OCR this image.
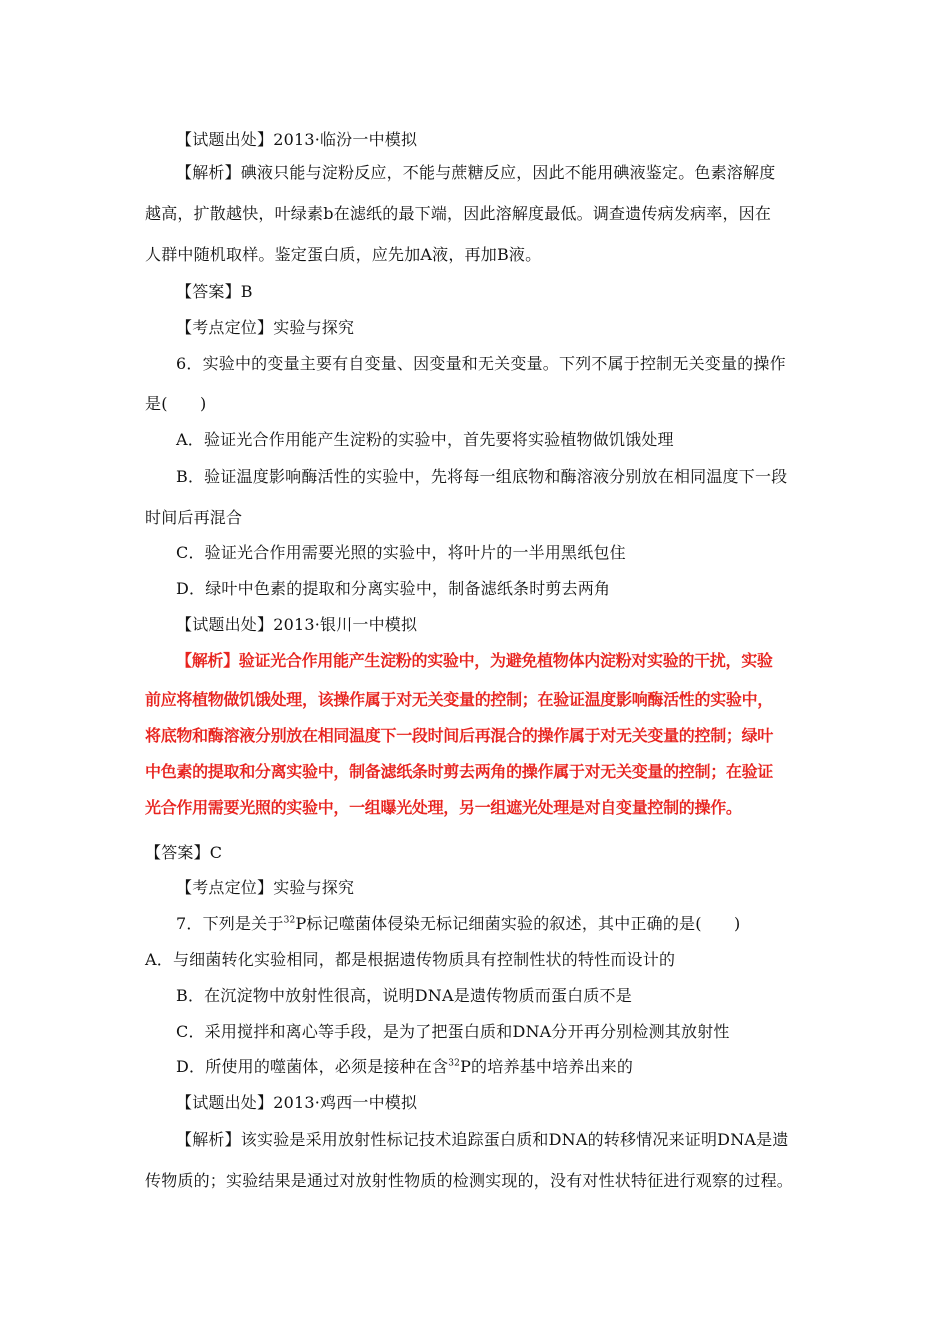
【试题出处】2013·临汾一中模拟
【解析】碘液只能与淀粉反应，不能与蔗糖反应，因此不能用碘液鉴定。色素溶解度
越高，扩散越快，叶绿素b在滤纸的最下端，因此溶解度最低。调查遗传病发病率，因在
人群中随机取样。鉴定蛋白质，应先加A液，再加B液。
【答案】B
【考点定位】实验与探究
6．实验中的变量主要有自变量、因变量和无关变量。下列不属于控制无关变量的操作
是(　　)
A．验证光合作用能产生淀粉的实验中，首先要将实验植物做饥饿处理
B．验证温度影响酶活性的实验中，先将每一组底物和酶溶液分别放在相同温度下一段
时间后再混合
C．验证光合作用需要光照的实验中，将叶片的一半用黑纸包住
D．绿叶中色素的提取和分离实验中，制备滤纸条时剪去两角
【试题出处】2013·银川一中模拟
【解析】验证光合作用能产生淀粉的实验中，为避免植物体内淀粉对实验的干扰，实验
前应将植物做饥饿处理，该操作属于对无关变量的控制；在验证温度影响酶活性的实验中，
将底物和酶溶液分别放在相同温度下一段时间后再混合的操作属于对无关变量的控制；绿叶
中色素的提取和分离实验中，制备滤纸条时剪去两角的操作属于对无关变量的控制；在验证
光合作用需要光照的实验中，一组曝光处理，另一组遮光处理是对自变量控制的操作。
【答案】C
【考点定位】实验与探究
7．下列是关于$^{32}$P标记噬菌体侵染无标记细菌实验的叙述，其中正确的是(　　)
A．与细菌转化实验相同，都是根据遗传物质具有控制性状的特性而设计的
B．在沉淀物中放射性很高，说明DNA是遗传物质而蛋白质不是
C．采用搅拌和离心等手段，是为了把蛋白质和DNA分开再分别检测其放射性
D．所使用的噬菌体，必须是接种在含$^{32}$P的培养基中培养出来的
【试题出处】2013·鸡西一中模拟
【解析】该实验是采用放射性标记技术追踪蛋白质和DNA的转移情况来证明DNA是遗
传物质的；实验结果是通过对放射性物质的检测实现的，没有对性状特征进行观察的过程。
